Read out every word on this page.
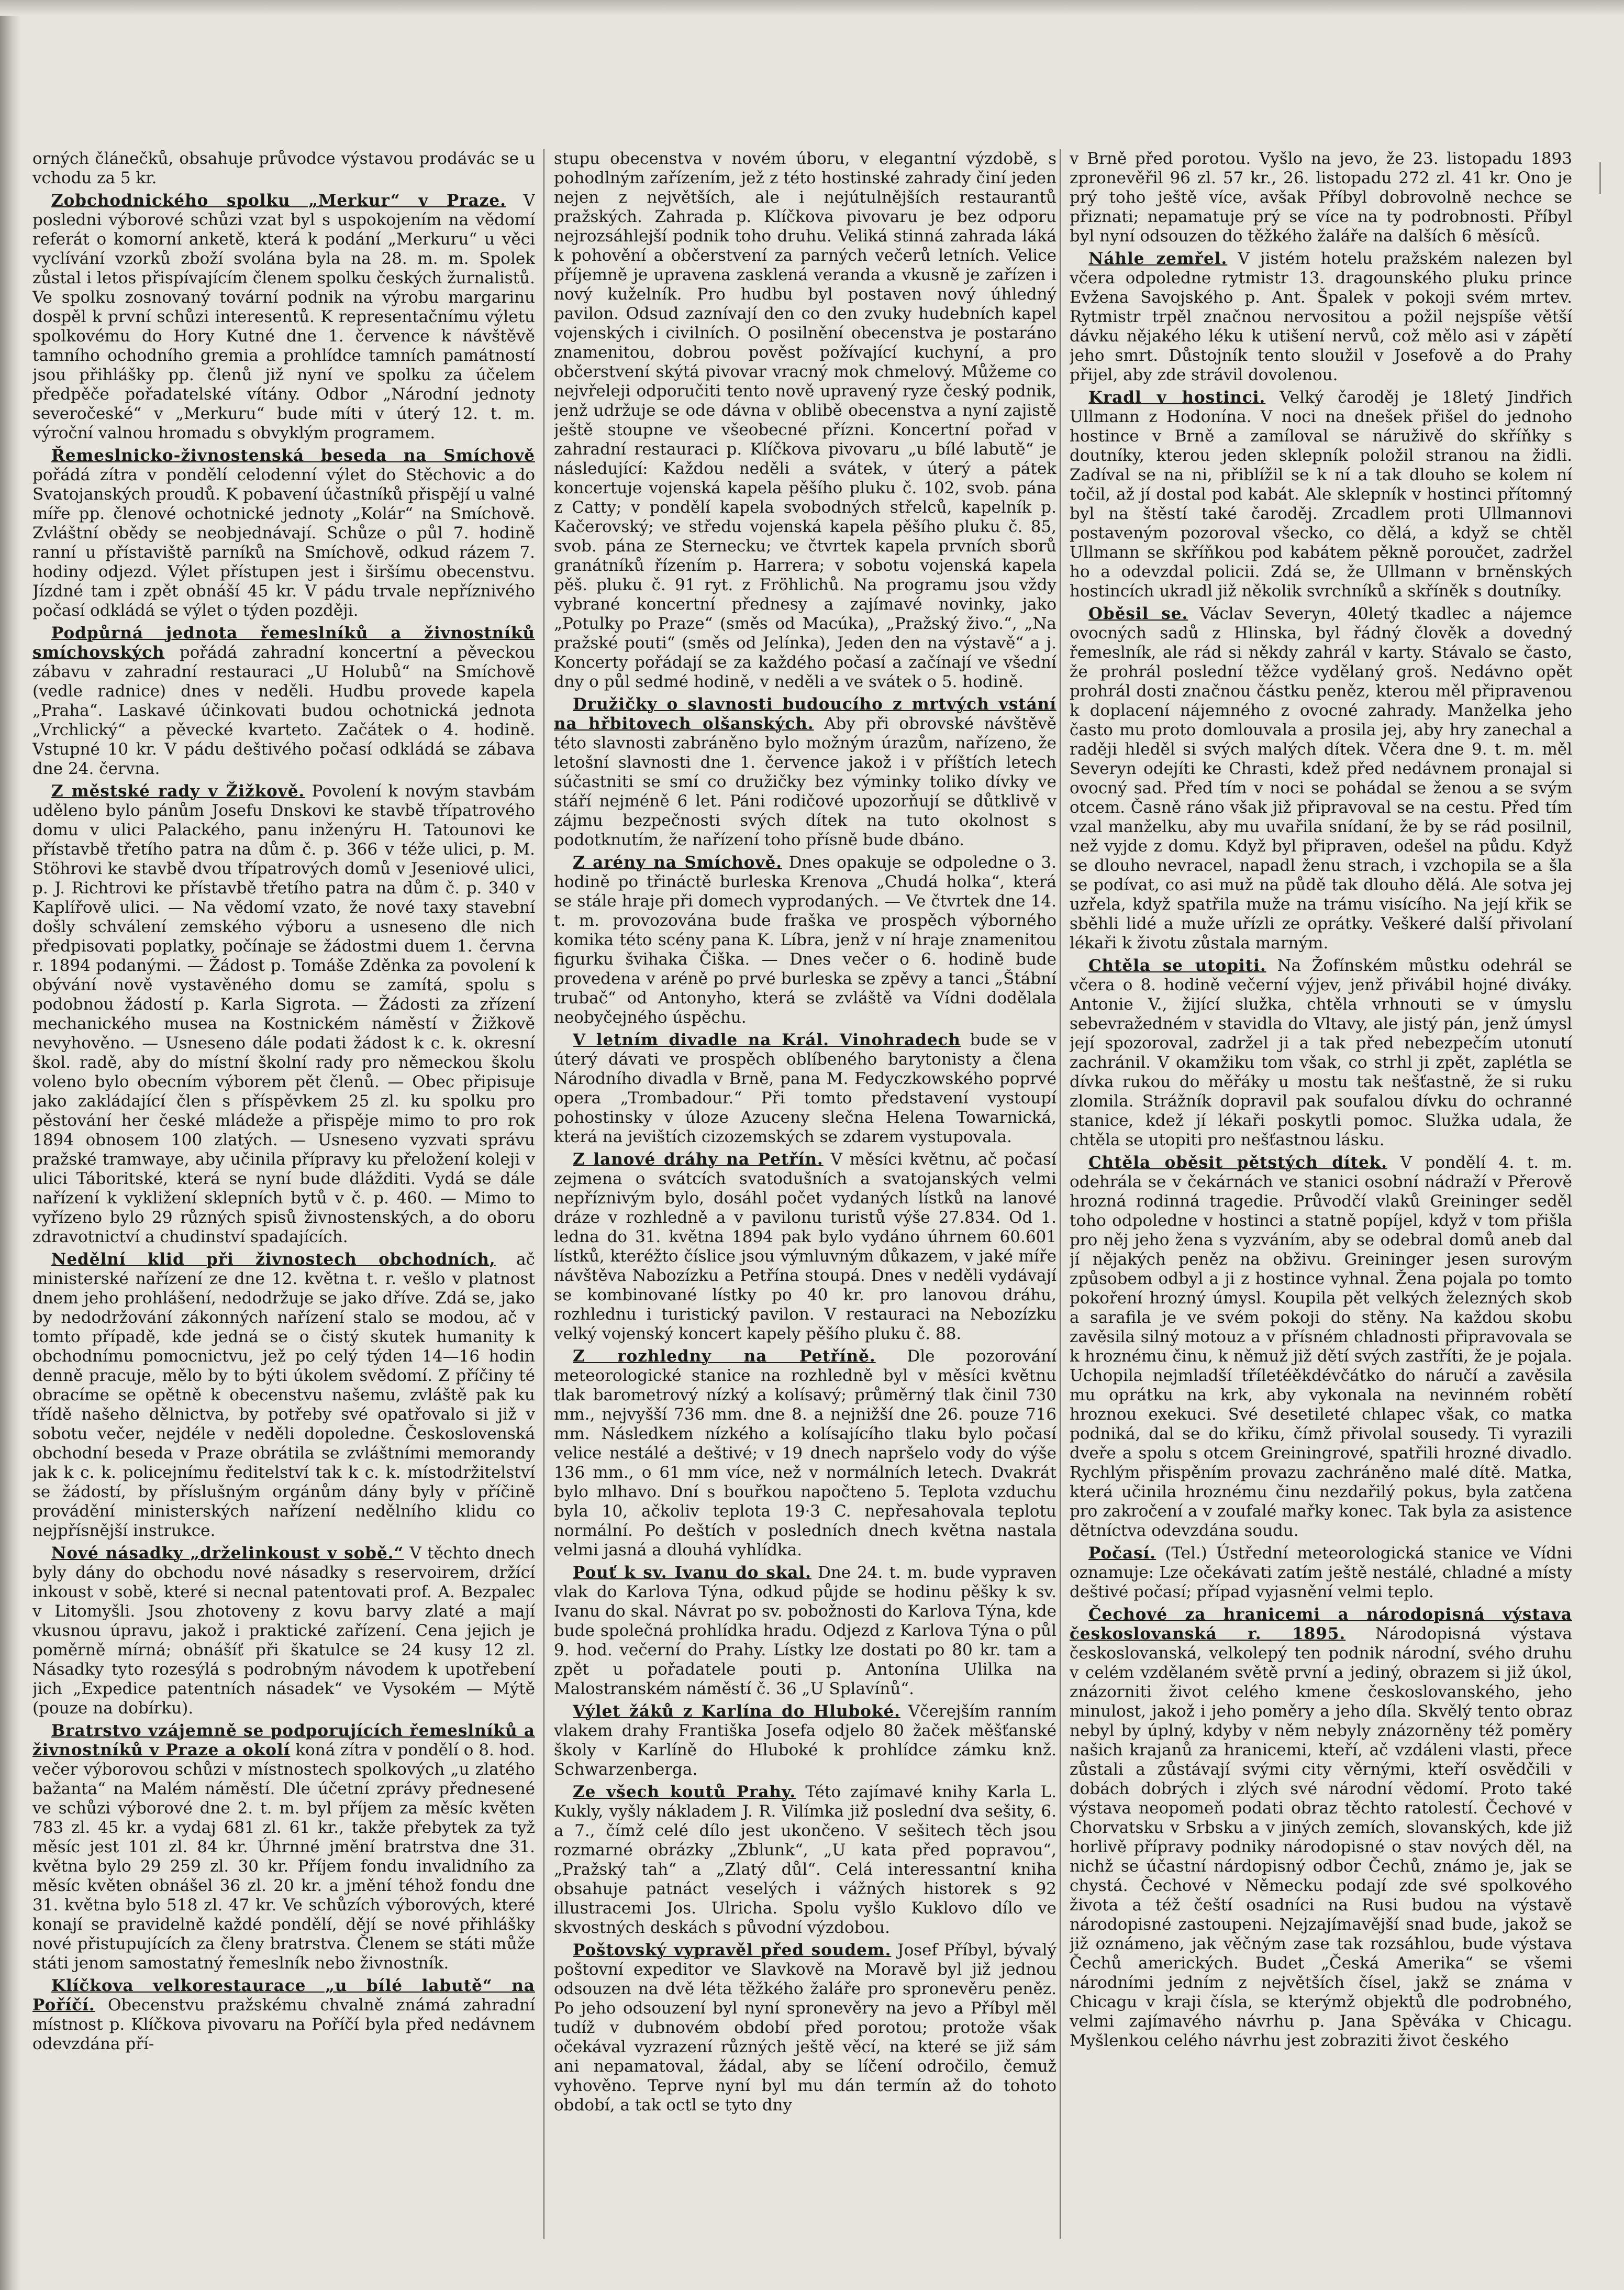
orných článečků, obsahuje průvodce výstavou prodávác se u vchodu za 5 kr.

Zobchodnického spolku „Merkur“ v Praze. V posledni výborové schůzi vzat byl s uspokojením na vědomí referát o komorní anketě, která k podání „Merkuru“ u věci vyclívání vzorků zboží svolána byla na 28. m. m. Spolek zůstal i letos přispívajícím členem spolku českých žurnalistů. Ve spolku zosnovaný tovární podnik na výrobu margarinu dospěl k první schůzi interesentů. K representačnímu výletu spolkovému do Hory Kutné dne 1. července k návštěvě tamního ochodního gremia a prohlídce tamních památností jsou přihlášky pp. členů již nyní ve spolku za účelem předpěče pořadatelské vítány. Odbor „Národní jednoty severočeské“ v „Merkuru“ bude míti v úterý 12. t. m. výroční valnou hromadu s obvyklým programem.

Řemeslnicko-živnostenská beseda na Smíchově pořádá zítra v pondělí celodenní výlet do Stěchovic a do Svatojanských proudů. K pobavení účastníků přispějí u valné míře pp. členové ochotnické jednoty „Kolár“ na Smíchově. Zvláštní obědy se neobjednávají. Schůze o půl 7. hodině ranní u přístaviště parníků na Smíchově, odkud rázem 7. hodiny odjezd. Výlet přístupen jest i širšímu obecenstvu. Jízdné tam i zpět obnáší 45 kr. V pádu trvale nepříznivého počasí odkládá se výlet o týden později.

Podpůrná jednota řemeslníků a živnostníků smíchovských pořádá zahradní koncertní a pěveckou zábavu v zahradní restauraci „U Holubů“ na Smíchově (vedle radnice) dnes v neděli. Hudbu provede kapela „Praha“. Laskavé účinkovati budou ochotnická jednota „Vrchlický“ a pěvecké kvarteto. Začátek o 4. hodině. Vstupné 10 kr. V pádu deštivého počasí odkládá se zábava dne 24. června.

Z městské rady v Žižkově. Povolení k novým stavbám uděleno bylo pánům Josefu Dnskovi ke stavbě třípatrového domu v ulici Palackého, panu inženýru H. Tatounovi ke přístavbě třetího patra na dům č. p. 366 v téže ulici, p. M. Stöhrovi ke stavbě dvou třípatrových domů v Jeseniové ulici, p. J. Richtrovi ke přístavbě třetího patra na dům č. p. 340 v Kaplířově ulici. — Na vědomí vzato, že nové taxy stavební došly schválení zemského výboru a usneseno dle nich předpisovati poplatky, počínaje se žádostmi duem 1. června r. 1894 podanými. — Žádost p. Tomáše Zděnka za povolení k obývání nově vystavěného domu se zamítá, spolu s podobnou žádostí p. Karla Sigrota. — Žádosti za zřízení mechanického musea na Kostnickém náměstí v Žižkově nevyhověno. — Usneseno dále podati žádost k c. k. okresní škol. radě, aby do místní školní rady pro německou školu voleno bylo obecním výborem pět členů. — Obec připisuje jako zakládající člen s příspěvkem 25 zl. ku spolku pro pěstování her české mládeže a přispěje mimo to pro rok 1894 obnosem 100 zlatých. — Usneseno vyzvati správu pražské tramwaye, aby učinila přípravy ku přeložení koleji v ulici Táboritské, která se nyní bude dlážditi. Vydá se dále nařízení k vykližení sklepních bytů v č. p. 460. — Mimo to vyřízeno bylo 29 různých spisů živnostenských, a do oboru zdravotnictví a chudinství spadajících.

Nedělní klid při živnostech obchodních, ač ministerské nařízení ze dne 12. května t. r. vešlo v platnost dnem jeho prohlášení, nedodržuje se jako dříve. Zdá se, jako by nedodržování zákonných nařízení stalo se modou, ač v tomto případě, kde jedná se o čistý skutek humanity k obchodnímu pomocnictvu, jež po celý týden 14—16 hodin denně pracuje, mělo by to býti úkolem svědomí. Z příčiny té obracíme se opětně k obecenstvu našemu, zvláště pak ku třídě našeho dělnictva, by potřeby své opatřovalo si již v sobotu večer, nejdéle v neděli dopoledne. Československá obchodní beseda v Praze obrátila se zvláštními memorandy jak k c. k. policejnímu ředitelství tak k c. k. místodržitelství se žádostí, by příslušným orgánům dány byly v příčině provádění ministerských nařízení nedělního klidu co nejpřísnější instrukce.

Nové násadky „drželinkoust v sobě.“ V těchto dnech byly dány do obchodu nové násadky s reservoirem, držící inkoust v sobě, které si necnal patentovati prof. A. Bezpalec v Litomyšli. Jsou zhotoveny z kovu barvy zlaté a mají vkusnou úpravu, jakož i praktické zařízení. Cena jejich je poměrně mírná; obnášíť při škatulce se 24 kusy 12 zl. Násadky tyto rozesýlá s podrobným návodem k upotřebení jich „Expedice patentních násadek“ ve Vysokém — Mýtě (pouze na dobírku).

Bratrstvo vzájemně se podporujících řemeslníků a živnostníků v Praze a okolí koná zítra v pondělí o 8. hod. večer výborovou schůzi v místnostech spolkových „u zlatého bažanta“ na Malém náměstí. Dle účetní zprávy přednesené ve schůzi výborové dne 2. t. m. byl příjem za měsíc květen 783 zl. 45 kr. a vydaj 681 zl. 61 kr., takže přebytek za tyž měsíc jest 101 zl. 84 kr. Úhrnné jmění bratrstva dne 31. května bylo 29 259 zl. 30 kr. Příjem fondu invalidního za měsíc květen obnášel 36 zl. 20 kr. a jmění téhož fondu dne 31. května bylo 518 zl. 47 kr. Ve schůzích výborových, které konají se pravidelně každé pondělí, dějí se nové přihlášky nové přistupujících za členy bratrstva. Členem se státi může státi jenom samostatný řemeslník nebo živnostník.

Klíčkova velkorestaurace „u bílé labutě“ na Poříčí. Obecenstvu pražskému chvalně známá zahradní místnost p. Klíčkova pivovaru na Poříčí byla před nedávnem odevzdána pří-

stupu obecenstva v novém úboru, v elegantní výzdobě, s pohodlným zařízením, jež z této hostinské zahrady činí jeden nejen z největších, ale i nejútulnějších restaurantů pražských. Zahrada p. Klíčkova pivovaru je bez odporu nejrozsáhlejší podnik toho druhu. Veliká stinná zahrada láká k pohovění a občerstvení za parných večerů letních. Velice příjemně je upravena zasklená veranda a vkusně je zařízen i nový kuželník. Pro hudbu byl postaven nový úhledný pavilon. Odsud zaznívají den co den zvuky hudebních kapel vojenských i civilních. O posilnění obecenstva je postaráno znamenitou, dobrou pověst požívající kuchyní, a pro občerstvení skýtá pivovar vracný mok chmelový. Můžeme co nejvřeleji odporučiti tento nově upravený ryze český podnik, jenž udržuje se ode dávna v oblibě obecenstva a nyní zajistě ještě stoupne ve všeobecné přízni. Koncertní pořad v zahradní restauraci p. Klíčkova pivovaru „u bílé labutě“ je následující: Každou neděli a svátek, v úterý a pátek koncertuje vojenská kapela pěšího pluku č. 102, svob. pána z Catty; v pondělí kapela svobodných střelců, kapelník p. Kačerovský; ve středu vojenská kapela pěšího pluku č. 85, svob. pána ze Sternecku; ve čtvrtek kapela prvních sborů granátníků řízením p. Harrera; v sobotu vojenská kapela pěš. pluku č. 91 ryt. z Fröhlichů. Na programu jsou vždy vybrané koncertní přednesy a zajímavé novinky, jako „Potulky po Praze“ (směs od Macúka), „Pražský živo.“, „Na pražské pouti“ (směs od Jelínka), Jeden den na výstavě“ a j. Koncerty pořádají se za každého počasí a začínají ve všední dny o půl sedmé hodině, v neděli a ve svátek o 5. hodině.

Družičky o slavnosti budoucího z mrtvých vstání na hřbitovech olšanských. Aby při obrovské návštěvě této slavnosti zabráněno bylo možným úrazům, nařízeno, že letošní slavnosti dne 1. července jakož i v příštích letech súčastniti se smí co družičky bez výminky toliko dívky ve stáří nejméně 6 let. Páni rodičové upozorňují se důtklivě v zájmu bezpečnosti svých dítek na tuto okolnost s podotknutím, že nařízení toho přísně bude dbáno.

Z arény na Smíchově. Dnes opakuje se odpoledne o 3. hodině po třináctě burleska Krenova „Chudá holka“, která se stále hraje při domech vyprodaných. — Ve čtvrtek dne 14. t. m. provozována bude fraška ve prospěch výborného komika této scény pana K. Líbra, jenž v ní hraje znamenitou figurku švihaka Čiška. — Dnes večer o 6. hodině bude provedena v aréně po prvé burleska se zpěvy a tanci „Štábní trubač“ od Antonyho, která se zvláště va Vídni dodělala neobyčejného úspěchu.

V letním divadle na Král. Vinohradech bude se v úterý dávati ve prospěch oblíbeného barytonisty a člena Národního divadla v Brně, pana M. Fedyczkowského poprvé opera „Trombadour.“ Při tomto představení vystoupí pohostinsky v úloze Azuceny slečna Helena Towarnická, která na jevištích cizozemských se zdarem vystupovala.

Z lanové dráhy na Petřín. V měsíci květnu, ač počasí zejmena o svátcích svatodušních a svatojanských velmi nepříznivým bylo, dosáhl počet vydaných lístků na lanové dráze v rozhledně a v pavilonu turistů výše 27.834. Od 1. ledna do 31. května 1894 pak bylo vydáno úhrnem 60.601 lístků, kteréžto číslice jsou výmluvným důkazem, v jaké míře návštěva Nabozízku a Petřína stoupá. Dnes v neděli vydávají se kombinované lístky po 40 kr. pro lanovou dráhu, rozhlednu i turistický pavilon. V restauraci na Nebozízku velký vojenský koncert kapely pěšího pluku č. 88.

Z rozhledny na Petříně. Dle pozorování meteorologické stanice na rozhledně byl v měsíci květnu tlak barometrový nízký a kolísavý; průměrný tlak činil 730 mm., nejvyšší 736 mm. dne 8. a nejnižší dne 26. pouze 716 mm. Následkem nízkého a kolísajícího tlaku bylo počasí velice nestálé a deštivé; v 19 dnech napršelo vody do výše 136 mm., o 61 mm více, než v normálních letech. Dvakrát bylo mlhavo. Dní s bouřkou napočteno 5. Teplota vzduchu byla 10, ačkoliv teplota 19·3 C. nepřesahovala teplotu normální. Po deštích v posledních dnech května nastala velmi jasná a dlouhá vyhlídka.

Pouť k sv. Ivanu do skal. Dne 24. t. m. bude vypraven vlak do Karlova Týna, odkud půjde se hodinu pěšky k sv. Ivanu do skal. Návrat po sv. pobožnosti do Karlova Týna, kde bude společná prohlídka hradu. Odjezd z Karlova Týna o půl 9. hod. večerní do Prahy. Lístky lze dostati po 80 kr. tam a zpět u pořadatele pouti p. Antonína Ulilka na Malostranském náměstí č. 36 „U Splavínů“.

Výlet žáků z Karlína do Hluboké. Včerejším ranním vlakem drahy Františka Josefa odjelo 80 žaček měšťanské školy v Karlíně do Hluboké k prohlídce zámku knž. Schwarzenberga.

Ze všech koutů Prahy. Této zajímavé knihy Karla L. Kukly, vyšly nákladem J. R. Vilímka již poslední dva sešity, 6. a 7., čímž celé dílo jest ukončeno. V sešitech těch jsou rozmarné obrázky „Zblunk“, „U kata před popravou“, „Pražský tah“ a „Zlatý důl“. Celá interessantní kniha obsahuje patnáct veselých i vážných historek s 92 illustracemi Jos. Ulricha. Spolu vyšlo Kuklovo dílo ve skvostných deskách s původní výzdobou.

Poštovský vypravěl před soudem. Josef Příbyl, bývalý poštovní expeditor ve Slavkově na Moravě byl již jednou odsouzen na dvě léta těžkého žaláře pro spronevěru peněz. Po jeho odsouzení byl nyní spronevěry na jevo a Příbyl měl tudíž v dubnovém období před porotou; protože však očekával vyzrazení různých ještě věcí, na které se již sám ani nepamatoval, žádal, aby se líčení odročilo, čemuž vyhověno. Teprve nyní byl mu dán termín až do tohoto období, a tak octl se tyto dny

v Brně před porotou. Vyšlo na jevo, že 23. listopadu 1893 zpronevěřil 96 zl. 57 kr., 26. listopadu 272 zl. 41 kr. Ono je prý toho ještě více, avšak Příbyl dobrovolně nechce se přiznati; nepamatuje prý se více na ty podrobnosti. Příbyl byl nyní odsouzen do těžkého žaláře na dalších 6 měsíců.

Náhle zemřel. V jistém hotelu pražském nalezen byl včera odpoledne rytmistr 13. dragounského pluku prince Evžena Savojského p. Ant. Špalek v pokoji svém mrtev. Rytmistr trpěl značnou nervositou a požil nejspíše větší dávku nějakého léku k utišení nervů, což mělo asi v zápětí jeho smrt. Důstojník tento sloužil v Josefově a do Prahy přijel, aby zde strávil dovolenou.

Kradl v hostinci. Velký čaroděj je 18letý Jindřich Ullmann z Hodonína. V noci na dnešek přišel do jednoho hostince v Brně a zamíloval se náruživě do skříňky s doutníky, kterou jeden sklepník položil stranou na židli. Zadíval se na ni, přiblížil se k ní a tak dlouho se kolem ní točil, až jí dostal pod kabát. Ale sklepník v hostinci přítomný byl na štěstí také čaroděj. Zrcadlem proti Ullmannovi postaveným pozoroval všecko, co dělá, a když se chtěl Ullmann se skříňkou pod kabátem pěkně poroučet, zadržel ho a odevzdal policii. Zdá se, že Ullmann v brněnských hostincích ukradl již několik svrchníků a skříněk s doutníky.

Oběsil se. Václav Severyn, 40letý tkadlec a nájemce ovocných sadů z Hlinska, byl řádný člověk a dovedný řemeslník, ale rád si někdy zahrál v karty. Stávalo se často, že prohrál poslední těžce vydělaný groš. Nedávno opět prohrál dosti značnou částku peněz, kterou měl připravenou k doplacení nájemného z ovocné zahrady. Manželka jeho často mu proto domlouvala a prosila jej, aby hry zanechal a raději hleděl si svých malých dítek. Včera dne 9. t. m. měl Severyn odejíti ke Chrasti, kdež před nedávnem pronajal si ovocný sad. Před tím v noci se pohádal se ženou a se svým otcem. Časně ráno však již připravoval se na cestu. Před tím vzal manželku, aby mu uvařila snídaní, že by se rád posilnil, než vyjde z domu. Když byl připraven, odešel na půdu. Když se dlouho nevracel, napadl ženu strach, i vzchopila se a šla se podívat, co asi muž na půdě tak dlouho dělá. Ale sotva jej uzřela, když spatřila muže na trámu visícího. Na její křik se sběhli lidé a muže uřízli ze oprátky. Veškeré další přivolaní lékaři k životu zůstala marným.

Chtěla se utopiti. Na Žofínském můstku odehrál se včera o 8. hodině večerní výjev, jenž přivábil hojné diváky. Antonie V., žijící služka, chtěla vrhnouti se v úmyslu sebevražedném v stavidla do Vltavy, ale jistý pán, jenž úmysl její spozoroval, zadržel ji a tak před nebezpečím utonutí zachránil. V okamžiku tom však, co strhl ji zpět, zaplétla se dívka rukou do měřáky u mostu tak nešťastně, že si ruku zlomila. Strážník dopravil pak soufalou dívku do ochranné stanice, kdež jí lékaři poskytli pomoc. Služka udala, že chtěla se utopiti pro nešťastnou lásku.

Chtěla oběsit pětstých dítek. V pondělí 4. t. m. odehrála se v čekárnách ve stanici osobní nádraží v Přerově hrozná rodinná tragedie. Průvodčí vlaků Greininger seděl toho odpoledne v hostinci a statně popíjel, když v tom přišla pro něj jeho žena s vyzváním, aby se odebral domů aneb dal jí nějakých peněz na obživu. Greininger jesen surovým způsobem odbyl a ji z hostince vyhnal. Žena pojala po tomto pokoření hrozný úmysl. Koupila pět velkých železných skob a sarafila je ve svém pokoji do stěny. Na každou skobu zavěsila silný motouz a v přísném chladnosti připravovala se k hroznému činu, k němuž již dětí svých zastříti, že je pojala. Uchopila nejmladší tříletéěkdévčátko do náručí a zavěsila mu oprátku na krk, aby vykonala na nevinném robětí hroznou exekuci. Své desetileté chlapec však, co matka podniká, dal se do křiku, čímž přivolal sousedy. Ti vyrazili dveře a spolu s otcem Greiningrové, spatřili hrozné divadlo. Rychlým přispěním provazu zachráněno malé dítě. Matka, která učinila hroznému činu nezdařilý pokus, byla zatčena pro zakročení a v zoufalé mařky konec. Tak byla za asistence dětníctva odevzdána soudu.

Počasí. (Tel.) Ústřední meteorologická stanice ve Vídni oznamuje: Lze očekávati zatím ještě nestálé, chladné a místy deštivé počasí; případ vyjasnění velmi teplo.

Čechové za hranicemi a národopisná výstava českoslovanská r. 1895. Národopisná výstava českoslovanská, velkolepý ten podnik národní, svého druhu v celém vzdělaném světě první a jediný, obrazem si již úkol, znázorniti život celého kmene českoslovanského, jeho minulost, jakož i jeho poměry a jeho díla. Skvělý tento obraz nebyl by úplný, kdyby v něm nebyly znázorněny též poměry našich krajanů za hranicemi, kteří, ač vzdáleni vlasti, přece zůstali a zůstávají svými city věrnými, kteří osvědčili v dobách dobrých i zlých své národní vědomí. Proto také výstava neopomeň podati obraz těchto ratolestí. Čechové v Chorvatsku v Srbsku a v jiných zemích, slovanských, kde již horlivě přípravy podniky národopisné o stav nových děl, na nichž se účastní nárdopisný odbor Čechů, známo je, jak se chystá. Čechové v Německu podají zde své spolkového života a též čeští osadníci na Rusi budou na výstavě národopisné zastoupeni. Nejzajímavější snad bude, jakož se již oznámeno, jak věčným zase tak rozsáhlou, bude výstava Čechů amerických. Budet „Česká Amerika“ se všemi národními jedním z největších čísel, jakž se známa v Chicagu v kraji čísla, se kterýmž objektů dle podrobného, velmi zajímavého návrhu p. Jana Spěváka v Chicagu. Myšlenkou celého návrhu jest zobraziti život českého
